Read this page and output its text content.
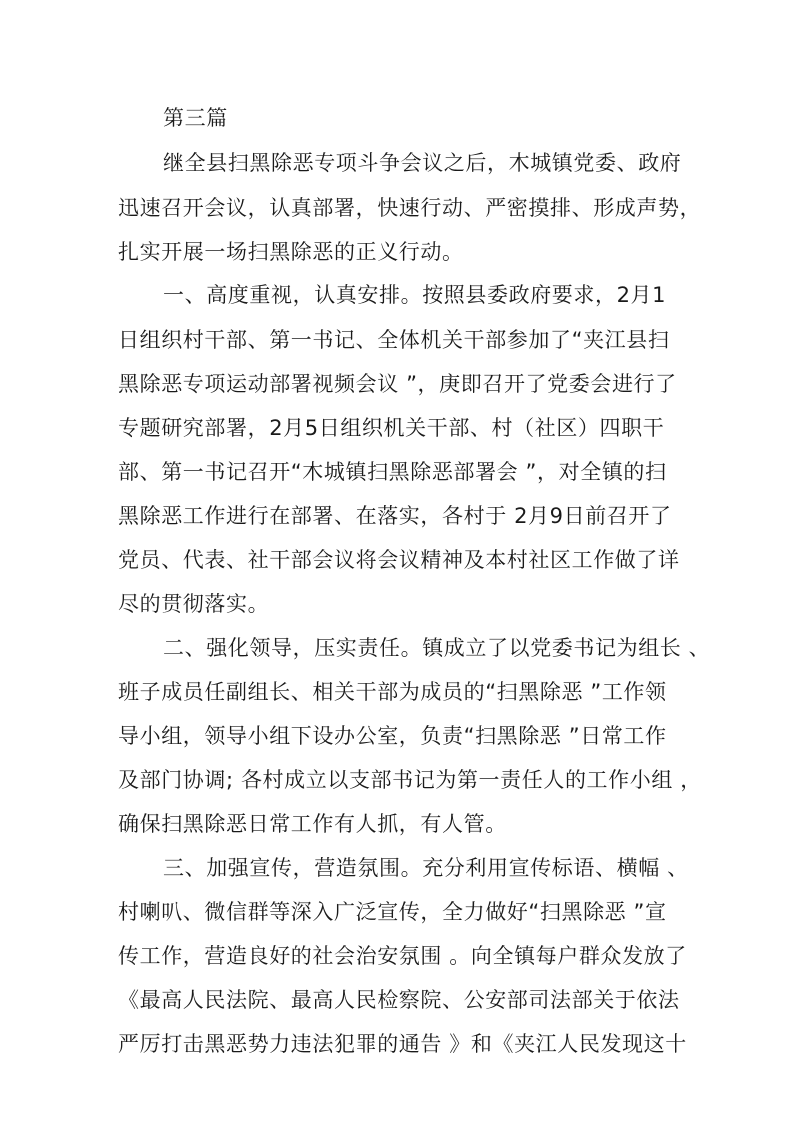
第三篇
继全县扫黑除恶专项斗争会议之后，木城镇党委、政府
迅速召开会议，认真部署，快速行动、严密摸排、形成声势，
扎实开展一场扫黑除恶的正义行动。
一、高度重视，认真安排。按照县委政府要求，2月1
日组织村干部、第一书记、全体机关干部参加了“夹江县扫
黑除恶专项运动部署视频会议 ”，庚即召开了党委会进行了
专题研究部署，2月5日组织机关干部、村（社区）四职干
部、第一书记召开“木城镇扫黑除恶部署会 ”，对全镇的扫
黑除恶工作进行在部署、在落实，各村于 2月9日前召开了
党员、代表、社干部会议将会议精神及本村社区工作做了详
尽的贯彻落实。
二、强化领导，压实责任。镇成立了以党委书记为组长 、
班子成员任副组长、相关干部为成员的“扫黑除恶 ”工作领
导小组，领导小组下设办公室，负责“扫黑除恶 ”日常工作
及部门协调; 各村成立以支部书记为第一责任人的工作小组 ，
确保扫黑除恶日常工作有人抓，有人管。
三、加强宣传，营造氛围。充分利用宣传标语、横幅 、
村喇叭、微信群等深入广泛宣传，全力做好“扫黑除恶 ”宣
传工作，营造良好的社会治安氛围 。向全镇每户群众发放了
《最高人民法院、最高人民检察院、公安部司法部关于依法
严厉打击黑恶势力违法犯罪的通告 》和《夹江人民发现这十
